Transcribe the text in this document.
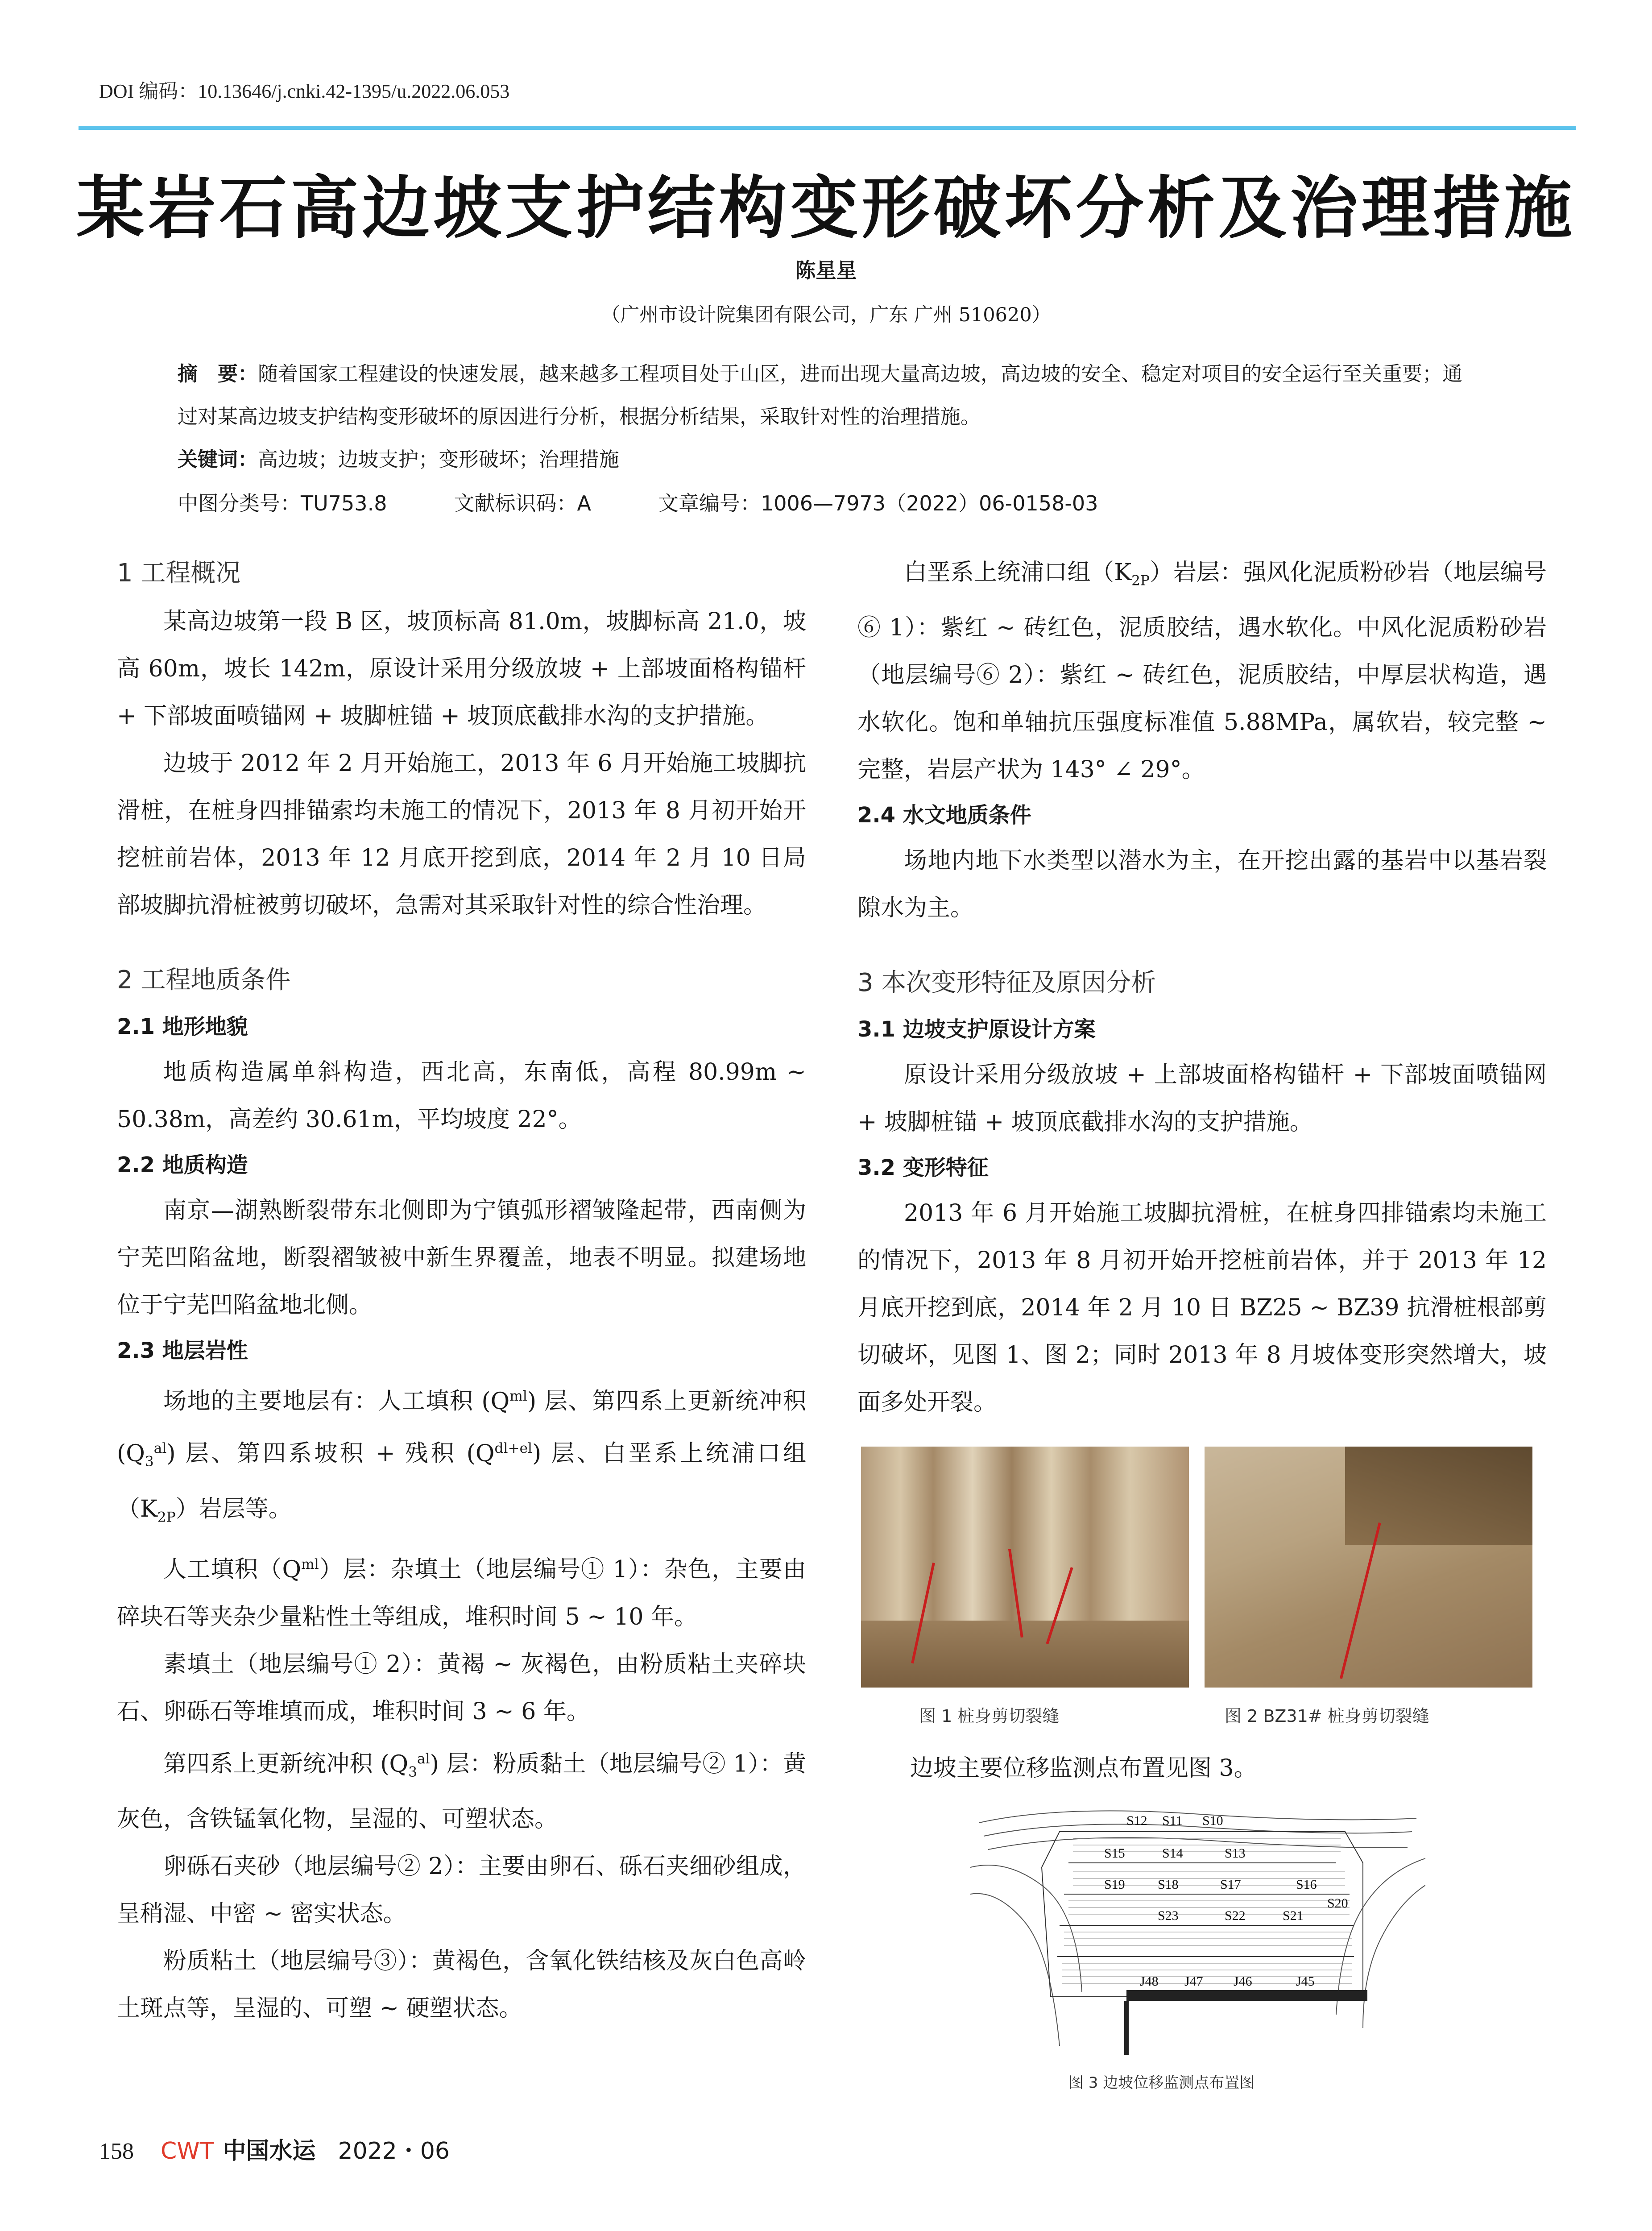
DOI 编码：10.13646/j.cnki.42-1395/u.2022.06.053
某岩石高边坡支护结构变形破坏分析及治理措施
陈星星
（广州市设计院集团有限公司，广东 广州 510620）
摘　要：随着国家工程建设的快速发展，越来越多工程项目处于山区，进而出现大量高边坡，高边坡的安全、稳定对项目的安全运行至关重要；通过对某高边坡支护结构变形破坏的原因进行分析，根据分析结果，采取针对性的治理措施。
关键词：高边坡；边坡支护；变形破坏；治理措施
中图分类号：TU753.8	文献标识码：A	文章编号：1006—7973（2022）06-0158-03
1 工程概况
某高边坡第一段 B 区，坡顶标高 81.0m，坡脚标高 21.0，坡高 60m，坡长 142m，原设计采用分级放坡 + 上部坡面格构锚杆 + 下部坡面喷锚网 + 坡脚桩锚 + 坡顶底截排水沟的支护措施。
边坡于 2012 年 2 月开始施工，2013 年 6 月开始施工坡脚抗滑桩，在桩身四排锚索均未施工的情况下，2013 年 8 月初开始开挖桩前岩体，2013 年 12 月底开挖到底，2014 年 2 月 10 日局部坡脚抗滑桩被剪切破坏，急需对其采取针对性的综合性治理。
2 工程地质条件
2.1 地形地貌
地质构造属单斜构造，西北高，东南低，高程 80.99m ~ 50.38m，高差约 30.61m，平均坡度 22°。
2.2 地质构造
南京—湖熟断裂带东北侧即为宁镇弧形褶皱隆起带，西南侧为宁芜凹陷盆地，断裂褶皱被中新生界覆盖，地表不明显。拟建场地位于宁芜凹陷盆地北侧。
2.3 地层岩性
场地的主要地层有：人工填积 $(Q^{ml})$ 层、第四系上更新统冲积 $(Q_3^{al})$ 层、第四系坡积 + 残积 $(Q^{dl+el})$ 层、白垩系上统浦口组$(K_{2P})$岩层等。
人工填积$(Q^{ml})$层：杂填土（地层编号① 1）：杂色，主要由碎块石等夹杂少量粘性土等组成，堆积时间 5 ~ 10 年。
素填土（地层编号① 2）：黄褐 ~ 灰褐色，由粉质粘土夹碎块石、卵砾石等堆填而成，堆积时间 3 ~ 6 年。
第四系上更新统冲积 $(Q_3^{al})$ 层：粉质黏土（地层编号② 1）：黄灰色，含铁锰氧化物，呈湿的、可塑状态。
卵砾石夹砂（地层编号② 2）：主要由卵石、砾石夹细砂组成，呈稍湿、中密 ~ 密实状态。
粉质粘土（地层编号③）：黄褐色，含氧化铁结核及灰白色高岭土斑点等，呈湿的、可塑 ~ 硬塑状态。
白垩系上统浦口组$(K_{2P})$岩层：强风化泥质粉砂岩（地层编号⑥ 1）：紫红 ~ 砖红色，泥质胶结，遇水软化。中风化泥质粉砂岩（地层编号⑥ 2）：紫红 ~ 砖红色，泥质胶结，中厚层状构造，遇水软化。饱和单轴抗压强度标准值 5.88MPa，属软岩，较完整 ~ 完整，岩层产状为 143° ∠ 29°。
2.4 水文地质条件
场地内地下水类型以潜水为主，在开挖出露的基岩中以基岩裂隙水为主。
3 本次变形特征及原因分析
3.1 边坡支护原设计方案
原设计采用分级放坡 + 上部坡面格构锚杆 + 下部坡面喷锚网 + 坡脚桩锚 + 坡顶底截排水沟的支护措施。
3.2 变形特征
2013 年 6 月开始施工坡脚抗滑桩，在桩身四排锚索均未施工的情况下，2013 年 8 月初开始开挖桩前岩体，并于 2013 年 12 月底开挖到底，2014 年 2 月 10 日 BZ25 ~ BZ39 抗滑桩根部剪切破坏，见图 1、图 2；同时 2013 年 8 月坡体变形突然增大，坡面多处开裂。
图 1 桩身剪切裂缝	图 2 BZ31# 桩身剪切裂缝
边坡主要位移监测点布置见图 3。
S12 S11 S10
S15	S14	S13
S19 S18	S17	S16
S20
S23	S22	S21
J48 J47 J46	J45
图 3 边坡位移监测点布置图
158 CWT 中国水运 2022・06
